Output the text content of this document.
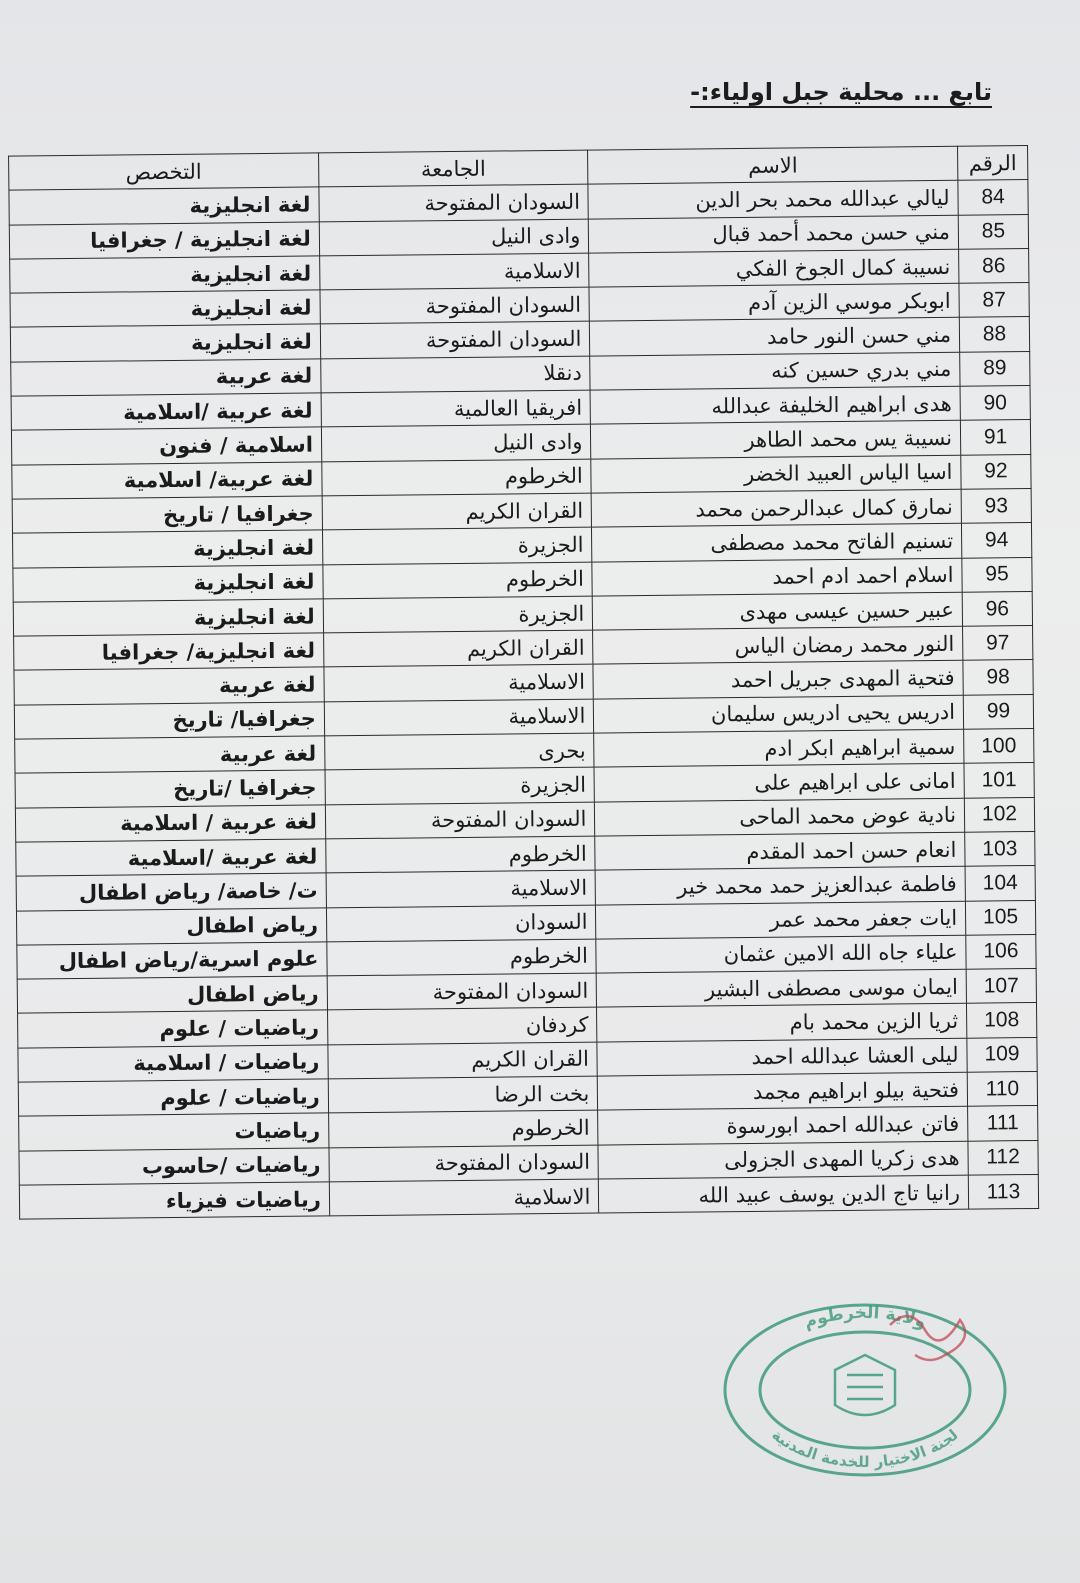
تابع ... محلية جبل اولياء:-
الرقم	الاسم	الجامعة	التخصص
84	ليالي عبدالله محمد بحر الدين	السودان المفتوحة	لغة انجليزية
85	مني حسن محمد أحمد قبال	وادى النيل	لغة انجليزية / جغرافيا
86	نسيبة كمال الجوخ الفكي	الاسلامية	لغة انجليزية
87	ابوبكر موسي الزين آدم	السودان المفتوحة	لغة انجليزية
88	مني حسن النور حامد	السودان المفتوحة	لغة انجليزية
89	مني بدري حسين كنه	دنقلا	لغة عربية
90	هدى ابراهيم الخليفة عبدالله	افريقيا العالمية	لغة عربية /اسلامية
91	نسيبة يس محمد الطاهر	وادى النيل	اسلامية / فنون
92	اسيا الياس العبيد الخضر	الخرطوم	لغة عربية/ اسلامية
93	نمارق كمال عبدالرحمن محمد	القران الكريم	جغرافيا / تاريخ
94	تسنيم الفاتح محمد مصطفى	الجزيرة	لغة انجليزية
95	اسلام احمد ادم احمد	الخرطوم	لغة انجليزية
96	عبير حسين عيسى مهدى	الجزيرة	لغة انجليزية
97	النور محمد رمضان الياس	القران الكريم	لغة انجليزية/ جغرافيا
98	فتحية المهدى جبريل احمد	الاسلامية	لغة عربية
99	ادريس يحيى ادريس سليمان	الاسلامية	جغرافيا/ تاريخ
100	سمية ابراهيم ابكر ادم	بحرى	لغة عربية
101	امانى على ابراهيم على	الجزيرة	جغرافيا /تاريخ
102	نادية عوض محمد الماحى	السودان المفتوحة	لغة عربية / اسلامية
103	انعام حسن احمد المقدم	الخرطوم	لغة عربية /اسلامية
104	فاطمة عبدالعزيز حمد محمد خير	الاسلامية	ت/ خاصة/ رياض اطفال
105	ايات جعفر محمد عمر	السودان	رياض اطفال
106	علياء جاه الله الامين عثمان	الخرطوم	علوم اسرية/رياض اطفال
107	ايمان موسى مصطفى البشير	السودان المفتوحة	رياض اطفال
108	ثريا الزين محمد بام	كردفان	رياضيات / علوم
109	ليلى العشا عبدالله احمد	القران الكريم	رياضيات / اسلامية
110	فتحية بيلو ابراهيم مجمد	بخت الرضا	رياضيات / علوم
111	فاتن عبدالله احمد ابورسوة	الخرطوم	رياضيات
112	هدى زكريا المهدى الجزولى	السودان المفتوحة	رياضيات /حاسوب
113	رانيا تاج الدين يوسف عبيد الله	الاسلامية	رياضيات فيزياء
ولاية الخرطوم
لجنة الاختيار للخدمة المدنية
